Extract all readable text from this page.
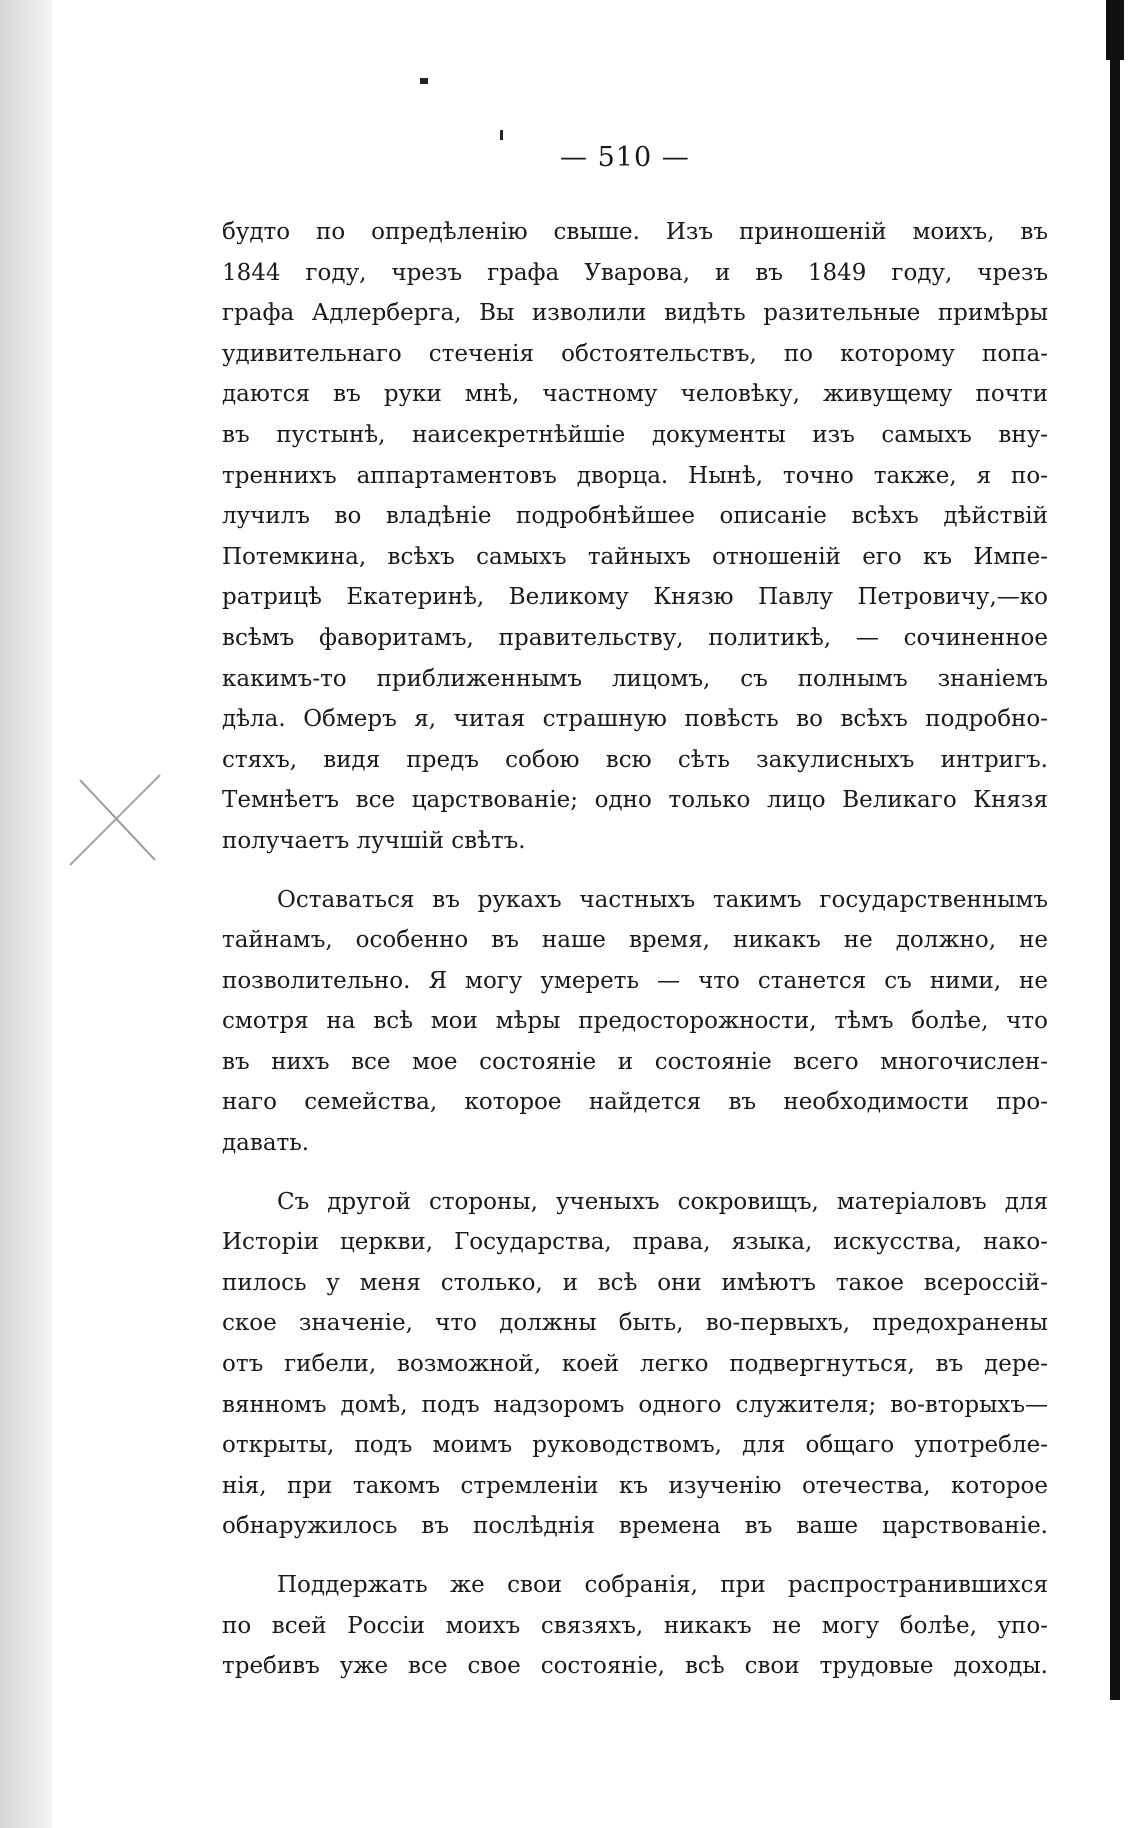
— 510 —
будто по опредѣленію свыше. Изъ приношеній моихъ, въ
1844 году, чрезъ графа Уварова, и въ 1849 году, чрезъ
графа Адлерберга, Вы изволили видѣть разительные примѣры
удивительнаго стеченія обстоятельствъ, по которому попа-
даются въ руки мнѣ, частному человѣку, живущему почти
въ пустынѣ, наисекретнѣйшіе документы изъ самыхъ вну-
треннихъ аппартаментовъ дворца. Нынѣ, точно также, я по-
лучилъ во владѣніе подробнѣйшее описаніе всѣхъ дѣйствій
Потемкина, всѣхъ самыхъ тайныхъ отношеній его къ Импе-
ратрицѣ Екатеринѣ, Великому Князю Павлу Петровичу,—ко
всѣмъ фаворитамъ, правительству, политикѣ, — сочиненное
какимъ-то приближеннымъ лицомъ, съ полнымъ знаніемъ
дѣла. Обмеръ я, читая страшную повѣсть во всѣхъ подробно-
стяхъ, видя предъ собою всю сѣть закулисныхъ интригъ.
Темнѣетъ все царствованіе; одно только лицо Великаго Князя
получаетъ лучшій свѣтъ.
Оставаться въ рукахъ частныхъ такимъ государственнымъ
тайнамъ, особенно въ наше время, никакъ не должно, не
позволительно. Я могу умереть — что станется съ ними, не
смотря на всѣ мои мѣры предосторожности, тѣмъ болѣе, что
въ нихъ все мое состояніе и состояніе всего многочислен-
наго семейства, которое найдется въ необходимости про-
давать.
Съ другой стороны, ученыхъ сокровищъ, матеріаловъ для
Исторіи церкви, Государства, права, языка, искусства, нако-
пилось у меня столько, и всѣ они имѣютъ такое всероссій-
ское значеніе, что должны быть, во-первыхъ, предохранены
отъ гибели, возможной, коей легко подвергнуться, въ дере-
вянномъ домѣ, подъ надзоромъ одного служителя; во-вторыхъ—
открыты, подъ моимъ руководствомъ, для общаго употребле-
нія, при такомъ стремленіи къ изученію отечества, которое
обнаружилось въ послѣднія времена въ ваше царствованіе.
Поддержать же свои собранія, при распространившихся
по всей Россіи моихъ связяхъ, никакъ не могу болѣе, упо-
требивъ уже все свое состояніе, всѣ свои трудовые доходы.
